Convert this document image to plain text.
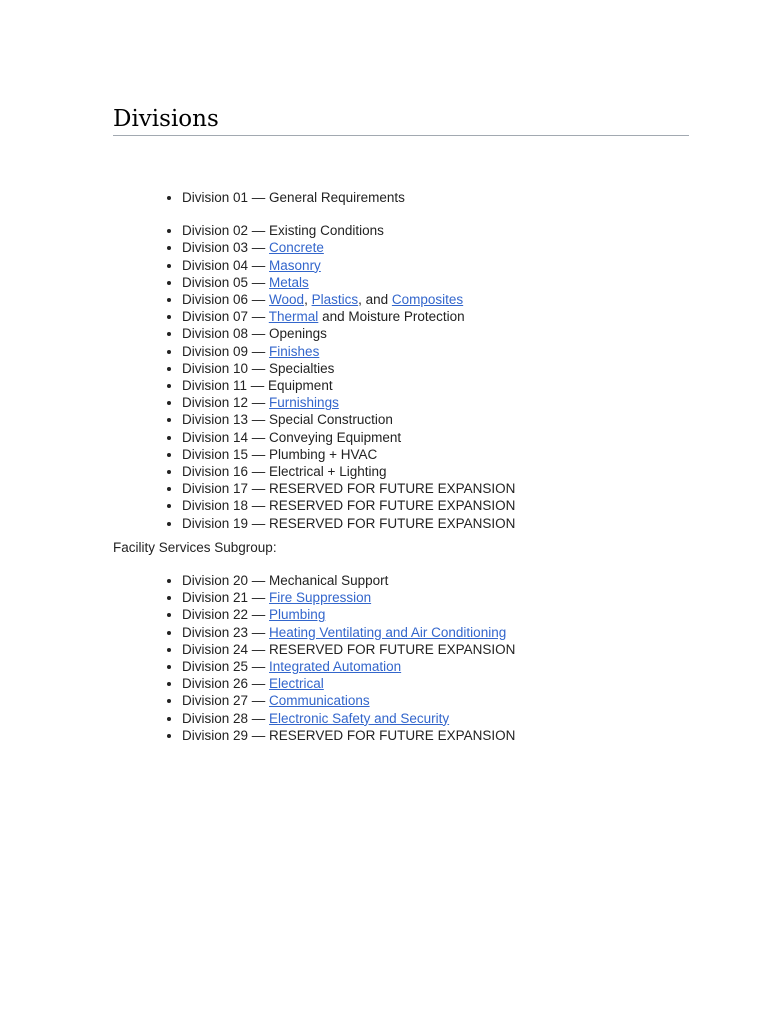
Divisions
• Division 01 — General Requirements
• Division 02 — Existing Conditions
• Division 03 — Concrete
• Division 04 — Masonry
• Division 05 — Metals
• Division 06 — Wood, Plastics, and Composites
• Division 07 — Thermal and Moisture Protection
• Division 08 — Openings
• Division 09 — Finishes
• Division 10 — Specialties
• Division 11 — Equipment
• Division 12 — Furnishings
• Division 13 — Special Construction
• Division 14 — Conveying Equipment
• Division 15 — Plumbing + HVAC
• Division 16 — Electrical + Lighting
• Division 17 — RESERVED FOR FUTURE EXPANSION
• Division 18 — RESERVED FOR FUTURE EXPANSION
• Division 19 — RESERVED FOR FUTURE EXPANSION

Facility Services Subgroup:

• Division 20 — Mechanical Support
• Division 21 — Fire Suppression
• Division 22 — Plumbing
• Division 23 — Heating Ventilating and Air Conditioning
• Division 24 — RESERVED FOR FUTURE EXPANSION
• Division 25 — Integrated Automation
• Division 26 — Electrical
• Division 27 — Communications
• Division 28 — Electronic Safety and Security
• Division 29 — RESERVED FOR FUTURE EXPANSION
